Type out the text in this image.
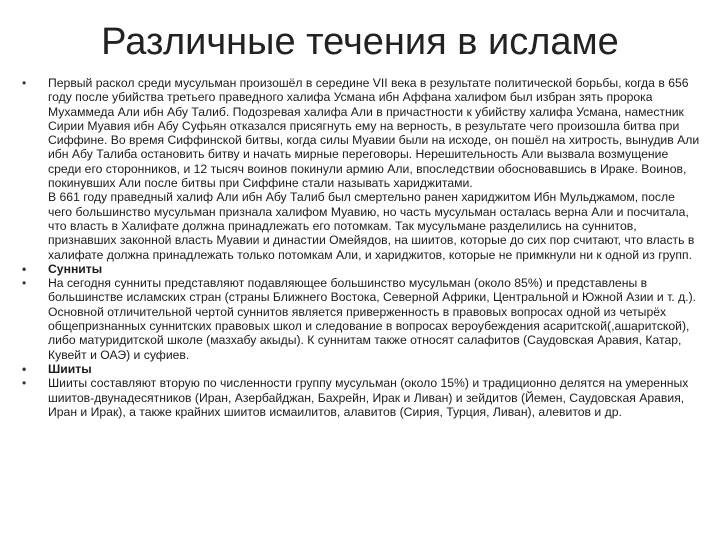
Различные течения в исламе
• Первый раскол среди мусульман произошёл в середине VII века в результате политической борьбы, когда в 656 году после убийства третьего праведного халифа Усмана ибн Аффана халифом был избран зять пророка Мухаммеда Али ибн Абу Талиб. Подозревая халифа Али в причастности к убийству халифа Усмана, наместник Сирии Муавия ибн Абу Суфьян отказался присягнуть ему на верность, в результате чего произошла битва при Сиффине. Во время Сиффинской битвы, когда силы Муавии были на исходе, он пошёл на хитрость, вынудив Али ибн Абу Талиба остановить битву и начать мирные переговоры. Нерешительность Али вызвала возмущение среди его сторонников, и 12 тысяч воинов покинули армию Али, впоследствии обосновавшись в Ираке. Воинов, покинувших Али после битвы при Сиффине стали называть хариджитами.
В 661 году праведный халиф Али ибн Абу Талиб был смертельно ранен хариджитом Ибн Мульджамом, после чего большинство мусульман признала халифом Муавию, но часть мусульман осталась верна Али и посчитала, что власть в Халифате должна принадлежать его потомкам. Так мусульмане разделились на суннитов, признавших законной власть Муавии и династии Омейядов, на шиитов, которые до сих пор считают, что власть в халифате должна принадлежать только потомкам Али, и хариджитов, которые не примкнули ни к одной из групп.
• Сунниты
• На сегодня сунниты представляют подавляющее большинство мусульман (около 85%) и представлены в большинстве исламских стран (страны Ближнего Востока, Северной Африки, Центральной и Южной Азии и т. д.). Основной отличительной чертой суннитов является приверженность в правовых вопросах одной из четырёх общепризнанных суннитских правовых школ и следование в вопросах вероубеждения асаритской(,ашаритской), либо матуридитской школе (мазхабу акыды). К суннитам также относят салафитов (Саудовская Аравия, Катар, Кувейт и ОАЭ) и суфиев.
• Шииты
• Шииты составляют вторую по численности группу мусульман (около 15%) и традиционно делятся на умеренных шиитов-двунадесятников (Иран, Азербайджан, Бахрейн, Ирак и Ливан) и зейдитов (Йемен, Саудовская Аравия, Иран и Ирак), а также крайних шиитов исмаилитов, алавитов (Сирия, Турция, Ливан), алевитов и др.
